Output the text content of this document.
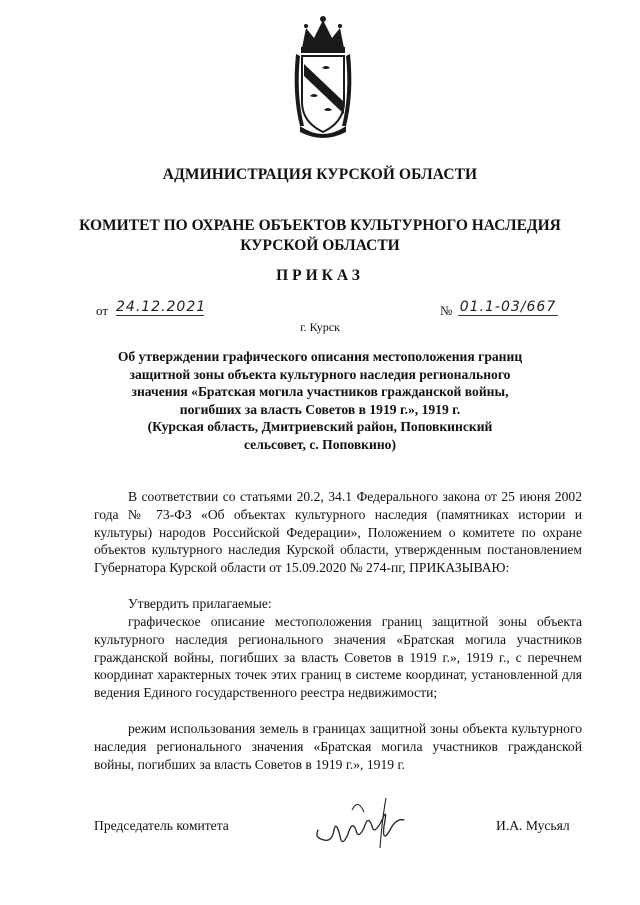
АДМИНИСТРАЦИЯ КУРСКОЙ ОБЛАСТИ
КОМИТЕТ ПО ОХРАНЕ ОБЪЕКТОВ КУЛЬТУРНОГО НАСЛЕДИЯ
КУРСКОЙ ОБЛАСТИ
ПРИКАЗ
от 24.12.2021	№ 01.1-03/667
г. Курск
Об утверждении графического описания местоположения границ
защитной зоны объекта культурного наследия регионального
значения «Братская могила участников гражданской войны,
погибших за власть Советов в 1919 г.», 1919 г.
(Курская область, Дмитриевский район, Поповкинский
сельсовет, с. Поповкино)
В соответствии со статьями 20.2, 34.1 Федерального закона от 25 июня 2002 года № 73-ФЗ «Об объектах культурного наследия (памятниках истории и культуры) народов Российской Федерации», Положением о комитете по охране объектов культурного наследия Курской области, утвержденным постановлением Губернатора Курской области от 15.09.2020 № 274-пг, ПРИКАЗЫВАЮ:
Утвердить прилагаемые:
графическое описание местоположения границ защитной зоны объекта культурного наследия регионального значения «Братская могила участников гражданской войны, погибших за власть Советов в 1919 г.», 1919 г., с перечнем координат характерных точек этих границ в системе координат, установленной для ведения Единого государственного реестра недвижимости;
режим использования земель в границах защитной зоны объекта культурного наследия регионального значения «Братская могила участников гражданской войны, погибших за власть Советов в 1919 г.», 1919 г.
Председатель комитета	И.А. Мусьял
